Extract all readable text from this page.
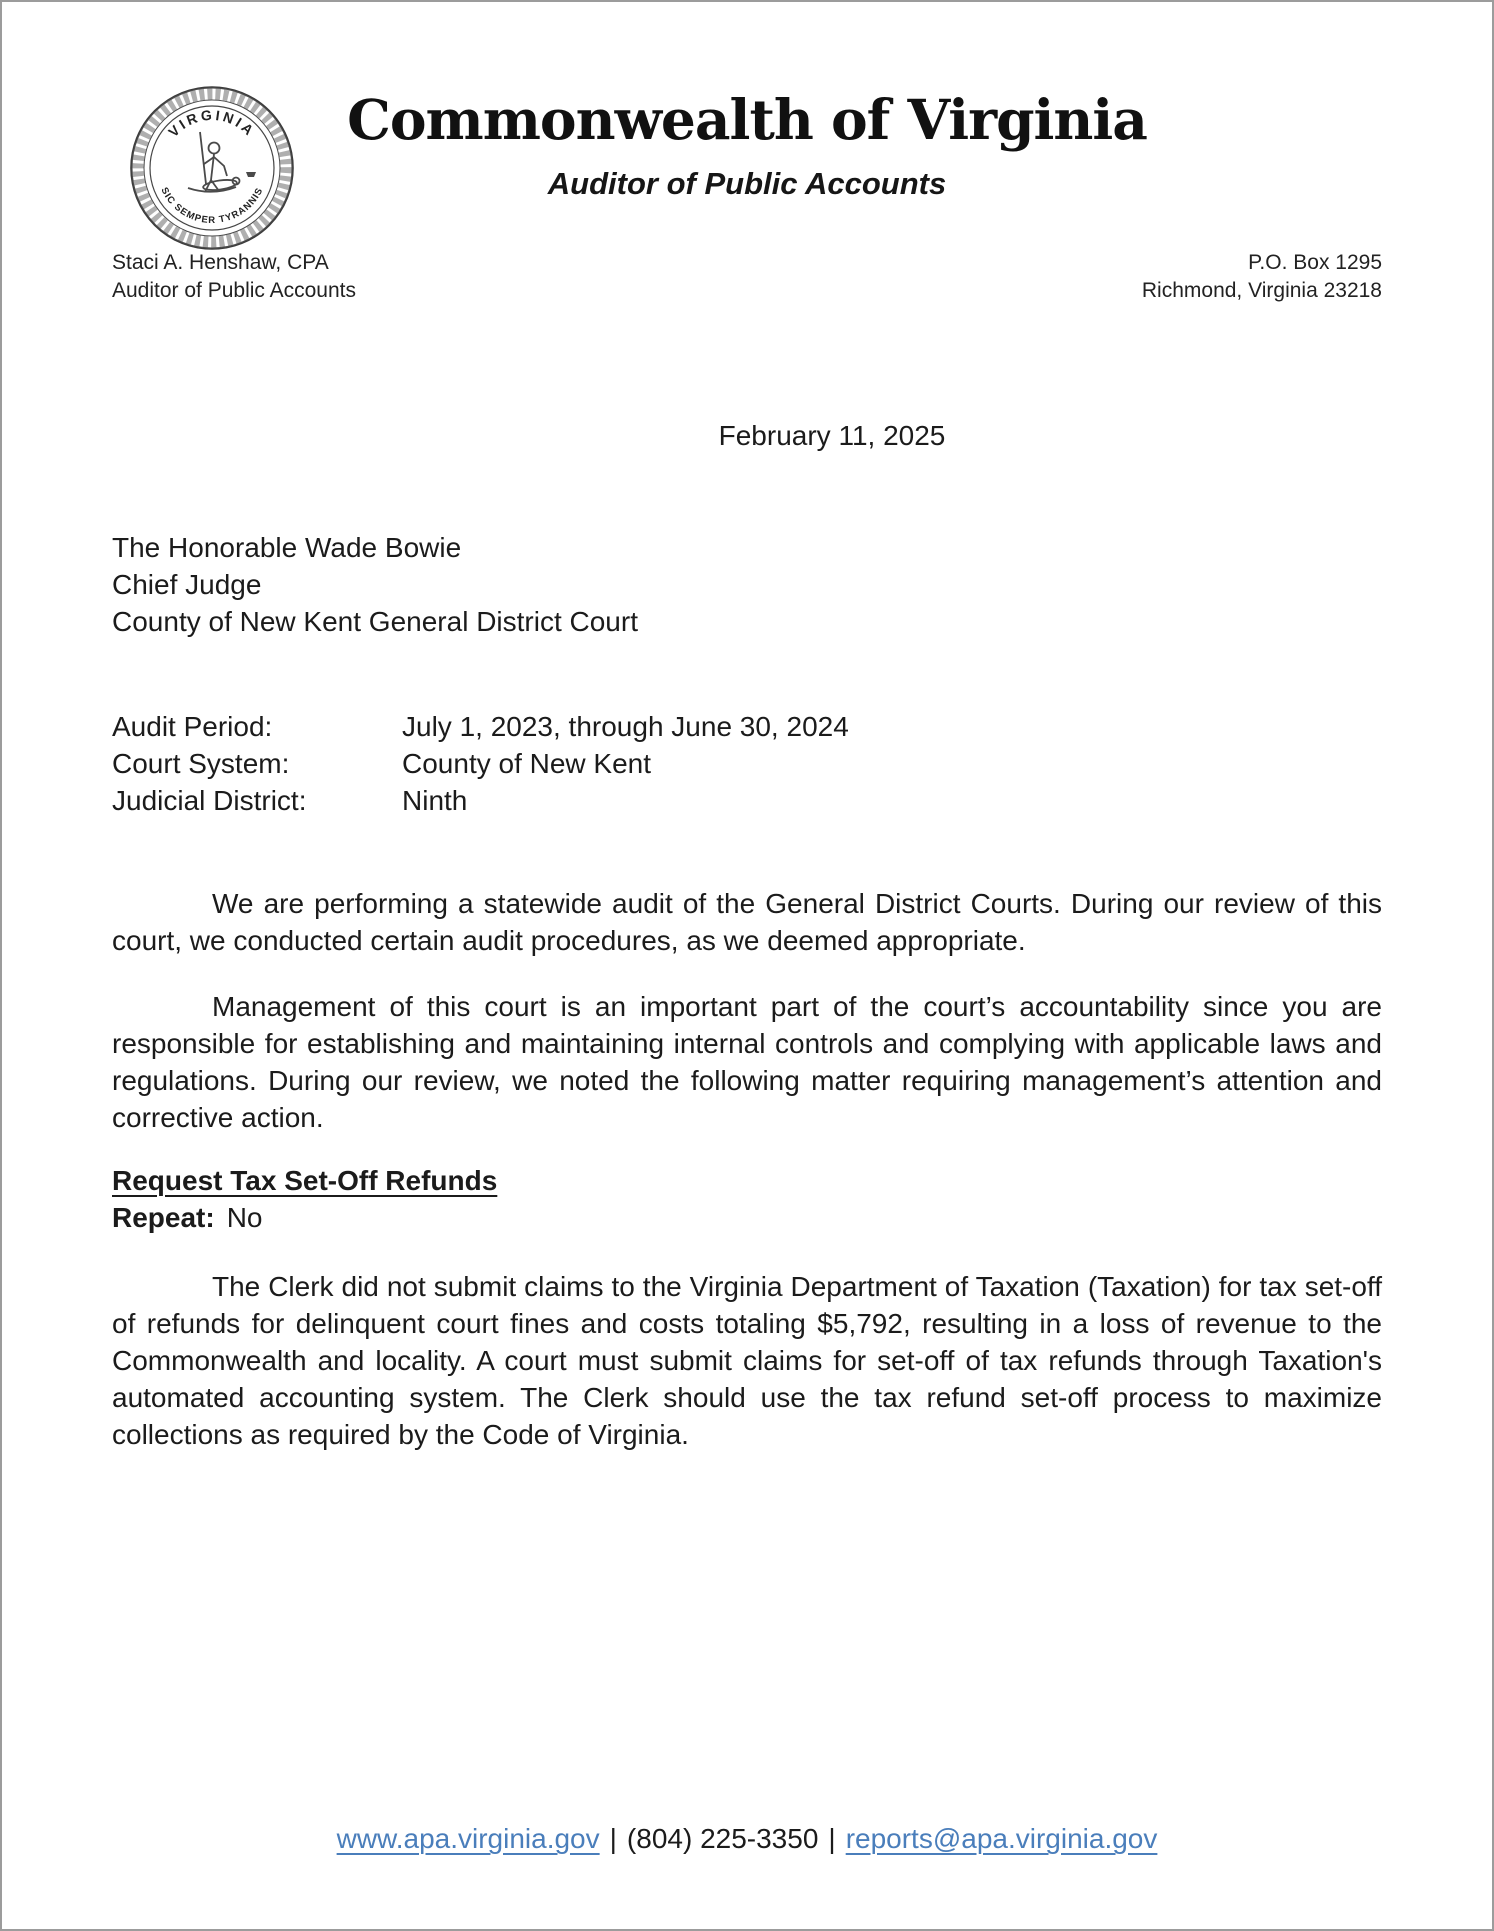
VIRGINIA
SIC SEMPER TYRANNIS
Commonwealth of Virginia
Auditor of Public Accounts
Staci A. Henshaw, CPA
Auditor of Public Accounts
P.O. Box 1295
Richmond, Virginia 23218
February 11, 2025
The Honorable Wade Bowie
Chief Judge
County of New Kent General District Court
Audit Period:	July 1, 2023, through June 30, 2024
Court System:	County of New Kent
Judicial District:	Ninth

We are performing a statewide audit of the General District Courts. During our review of this court, we conducted certain audit procedures, as we deemed appropriate.

Management of this court is an important part of the court’s accountability since you are responsible for establishing and maintaining internal controls and complying with applicable laws and regulations. During our review, we noted the following matter requiring management’s attention and corrective action.

Request Tax Set-Off Refunds
Repeat: No

The Clerk did not submit claims to the Virginia Department of Taxation (Taxation) for tax set-off of refunds for delinquent court fines and costs totaling $5,792, resulting in a loss of revenue to the Commonwealth and locality. A court must submit claims for set-off of tax refunds through Taxation's automated accounting system. The Clerk should use the tax refund set-off process to maximize collections as required by the Code of Virginia.

www.apa.virginia.gov | (804) 225-3350 | reports@apa.virginia.gov
